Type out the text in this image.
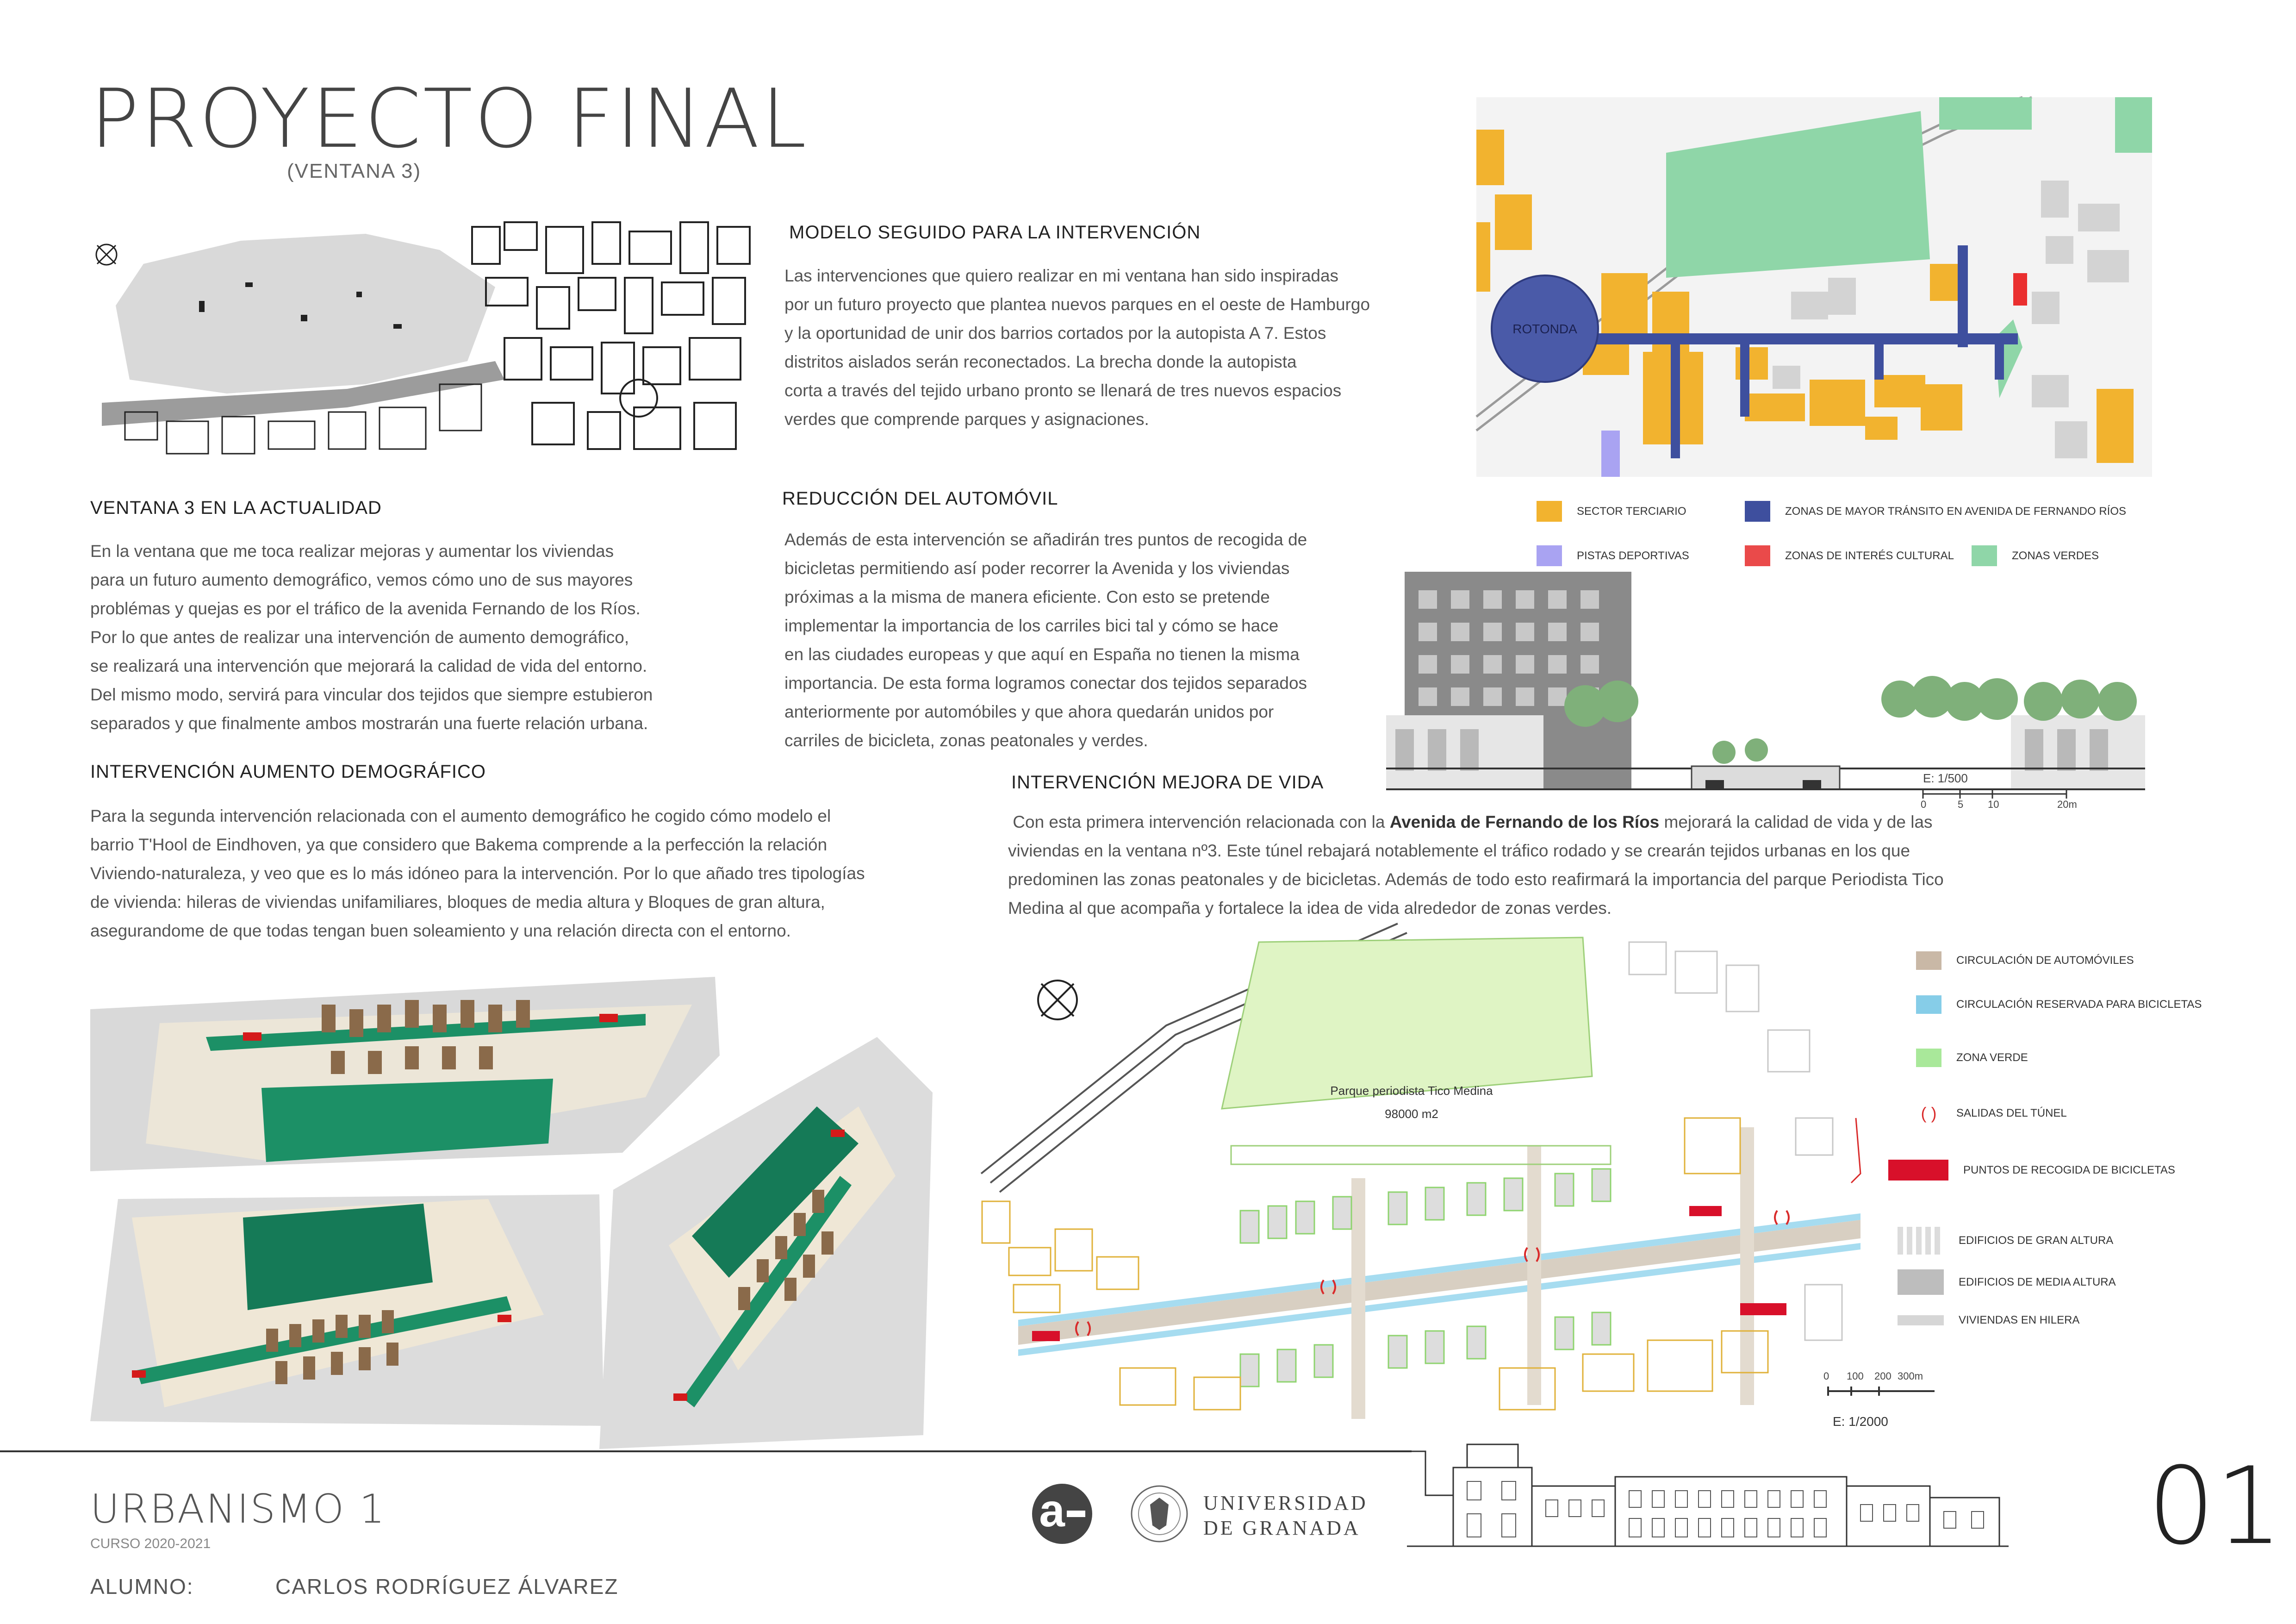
PROYECTO FINAL
(VENTANA 3)
MODELO SEGUIDO PARA LA INTERVENCIÓN
Las intervenciones que quiero realizar en mi ventana han sido inspiradas
por un futuro proyecto que plantea nuevos parques en el oeste de Hamburgo
y la oportunidad de unir dos barrios cortados por la autopista A 7. Estos
distritos aislados serán reconectados. La brecha donde la autopista
corta a través del tejido urbano pronto se llenará de tres nuevos espacios
verdes que comprende parques y asignaciones.
ROTONDA
SECTOR TERCIARIO	ZONAS DE MAYOR TRÁNSITO EN AVENIDA DE FERNANDO RÍOS
PISTAS DEPORTIVAS	ZONAS DE INTERÉS CULTURAL	ZONAS VERDES
VENTANA 3 EN LA ACTUALIDAD
En la ventana que me toca realizar mejoras y aumentar los viviendas
para un futuro aumento demográfico, vemos cómo uno de sus mayores
problémas y quejas es por el tráfico de la avenida Fernando de los Ríos.
Por lo que antes de realizar una intervención de aumento demográfico,
se realizará una intervención que mejorará la calidad de vida del entorno.
Del mismo modo, servirá para vincular dos tejidos que siempre estubieron
separados y que finalmente ambos mostrarán una fuerte relación urbana.
REDUCCIÓN DEL AUTOMÓVIL
Además de esta intervención se añadirán tres puntos de recogida de
bicicletas permitiendo así poder recorrer la Avenida y los viviendas
próximas a la misma de manera eficiente. Con esto se pretende
implementar la importancia de los carriles bici tal y cómo se hace
en las ciudades europeas y que aquí en España no tienen la misma
importancia. De esta forma logramos conectar dos tejidos separados
anteriormente por automóbiles y que ahora quedarán unidos por
carriles de bicicleta, zonas peatonales y verdes.
E: 1/500
0	5 10	20m
INTERVENCIÓN AUMENTO DEMOGRÁFICO
Para la segunda intervención relacionada con el aumento demográfico he cogido cómo modelo el
barrio T'Hool de Eindhoven, ya que considero que Bakema comprende a la perfección la relación
Viviendo-naturaleza, y veo que es lo más idóneo para la intervención. Por lo que añado tres tipologías
de vivienda: hileras de viviendas unifamiliares, bloques de media altura y Bloques de gran altura,
asegurandome de que todas tengan buen soleamiento y una relación directa con el entorno.
INTERVENCIÓN MEJORA DE VIDA
Con esta primera intervención relacionada con la Avenida de Fernando de los Ríos mejorará la calidad de vida y de las
viviendas en la ventana nº3. Este túnel rebajará notablemente el tráfico rodado y se crearán tejidos urbanas en los que
predominen las zonas peatonales y de bicicletas. Además de todo esto reafirmará la importancia del parque Periodista Tico
Medina al que acompaña y fortalece la idea de vida alrededor de zonas verdes.
Parque periodista Tico Medina
98000 m2
0 100 200 300m
E: 1/2000
CIRCULACIÓN DE AUTOMÓVILES
CIRCULACIÓN RESERVADA PARA BICICLETAS
ZONA VERDE
( )	SALIDAS DEL TÚNEL
PUNTOS DE RECOGIDA DE BICICLETAS
EDIFICIOS DE GRAN ALTURA
EDIFICIOS DE MEDIA ALTURA
VIVIENDAS EN HILERA
URBANISMO 1
CURSO 2020-2021
ALUMNO:	CARLOS RODRÍGUEZ ÁLVAREZ
a	UNIVERSIDAD
DE GRANADA	01
